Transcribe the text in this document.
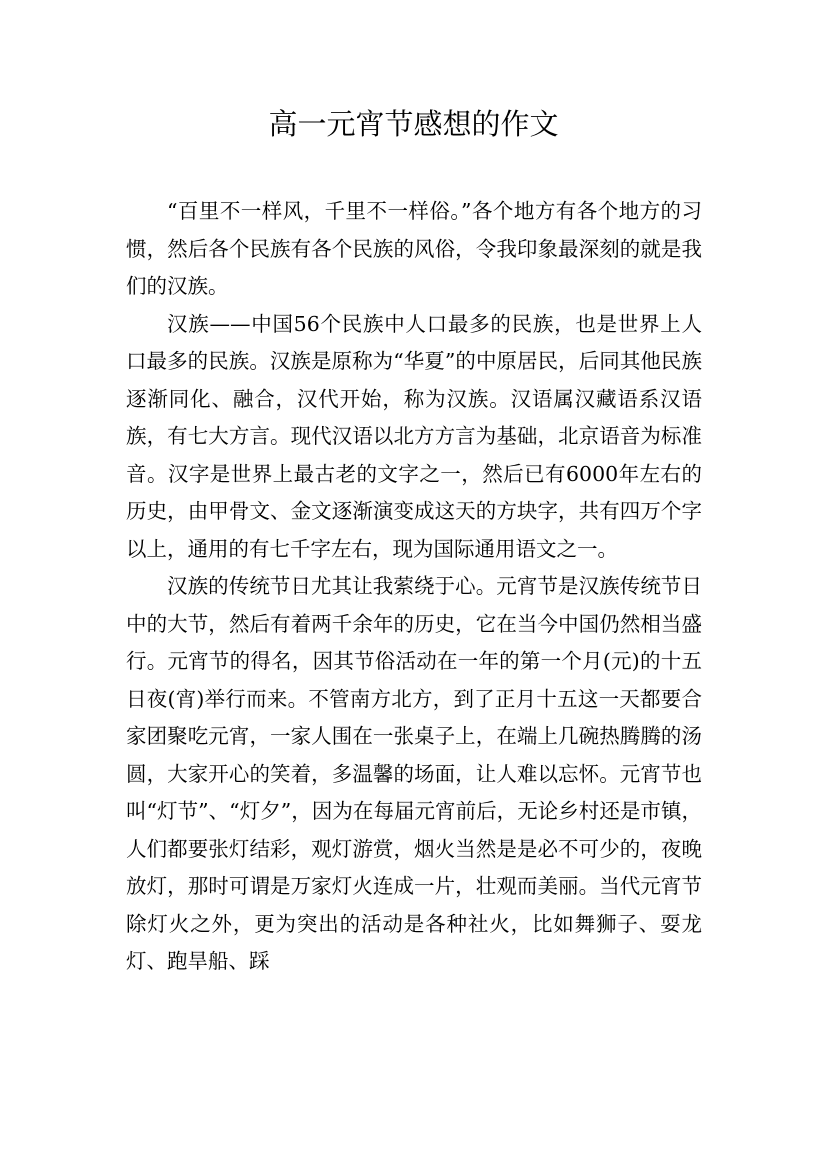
高一元宵节感想的作文

“百里不一样风，千里不一样俗。”各个地方有各个地方的习惯，然后各个民族有各个民族的风俗，令我印象最深刻的就是我们的汉族。

汉族——中国56个民族中人口最多的民族，也是世界上人口最多的民族。汉族是原称为“华夏”的中原居民，后同其他民族逐渐同化、融合，汉代开始，称为汉族。汉语属汉藏语系汉语族，有七大方言。现代汉语以北方方言为基础，北京语音为标准音。汉字是世界上最古老的文字之一，然后已有6000年左右的历史，由甲骨文、金文逐渐演变成这天的方块字，共有四万个字以上，通用的有七千字左右，现为国际通用语文之一。

汉族的传统节日尤其让我萦绕于心。元宵节是汉族传统节日中的大节，然后有着两千余年的历史，它在当今中国仍然相当盛行。元宵节的得名，因其节俗活动在一年的第一个月(元)的十五日夜(宵)举行而来。不管南方北方，到了正月十五这一天都要合家团聚吃元宵，一家人围在一张桌子上，在端上几碗热腾腾的汤圆，大家开心的笑着，多温馨的场面，让人难以忘怀。元宵节也叫“灯节”、“灯夕”，因为在每届元宵前后，无论乡村还是市镇，人们都要张灯结彩，观灯游赏，烟火当然是是必不可少的，夜晚放灯，那时可谓是万家灯火连成一片，壮观而美丽。当代元宵节除灯火之外，更为突出的活动是各种社火，比如舞狮子、耍龙灯、跑旱船、踩
